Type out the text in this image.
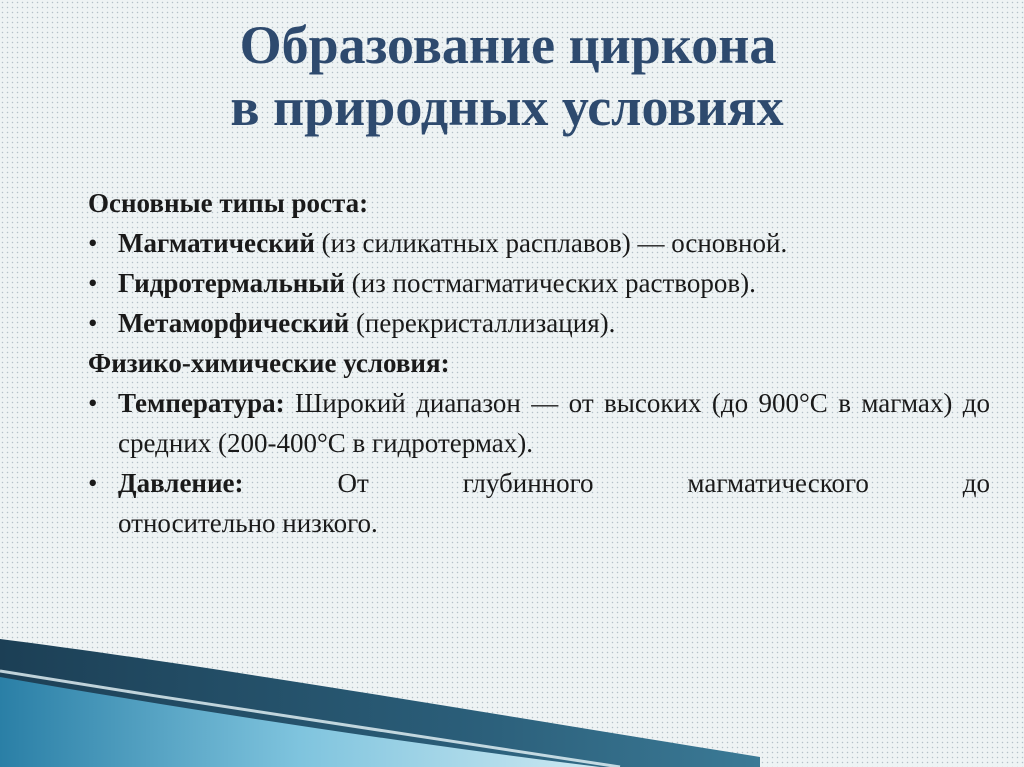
Образование циркона
в природных условиях
Основные типы роста:
• Магматический (из силикатных расплавов) — основной.
• Гидротермальный (из постмагматических растворов).
• Метаморфический (перекристаллизация).
Физико-химические условия:
• Температура: Широкий диапазон — от высоких (до 900°C в магмах) до средних (200-400°C в гидротермах).
• Давление:	От глубинного магматического до
относительно низкого.
